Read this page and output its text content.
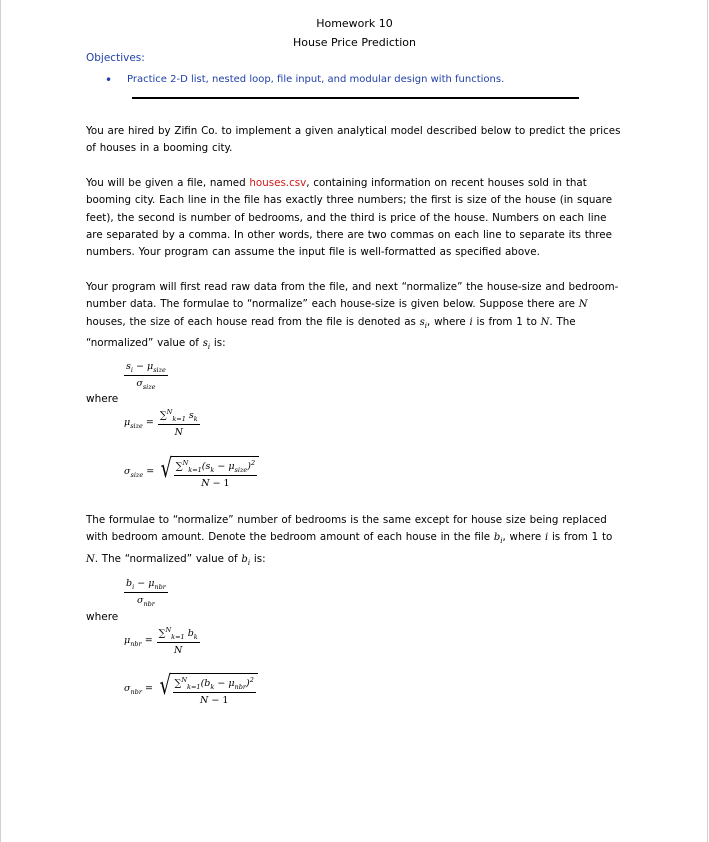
Homework 10
House Price Prediction
Objectives:
• Practice 2-D list, nested loop, file input, and modular design with functions.
You are hired by Zifin Co. to implement a given analytical model described below to predict the prices of houses in a booming city.
You will be given a file, named houses.csv, containing information on recent houses sold in that booming city. Each line in the file has exactly three numbers; the first is size of the house (in square feet), the second is number of bedrooms, and the third is price of the house. Numbers on each line are separated by a comma. In other words, there are two commas on each line to separate its three numbers. Your program can assume the input file is well-formatted as specified above.
Your program will first read raw data from the file, and next “normalize” the house-size and bedroom-number data. The formulae to “normalize” each house-size is given below. Suppose there are N houses, the size of each house read from the file is denoted as $s_i$, where i is from 1 to N. The “normalized” value of $s_i$ is:
$\frac{s_i - \mu_{size}}{\sigma_{size}}$
where
$\mu_{size} = \frac{\sum^N_{k=1} s_k}{N}$
$\sigma_{size}$ = √ $\frac{\sum^N_{k=1}(s_k - \mu_{size})^2}{N - 1}$
The formulae to “normalize” number of bedrooms is the same except for house size being replaced with bedroom amount. Denote the bedroom amount of each house in the file $b_i$, where i is from 1 to
N. The “normalized” value of $b_i$ is:
$\frac{b_i - \mu_{nbr}}{\sigma_{nbr}}$
where
$\mu_{nbr} = \frac{\sum^N_{k=1} b_k}{N}$
$\sigma_{nbr}$ = √ $\frac{\sum^N_{k=1}(b_k - \mu_{nbr})^2}{N - 1}$
